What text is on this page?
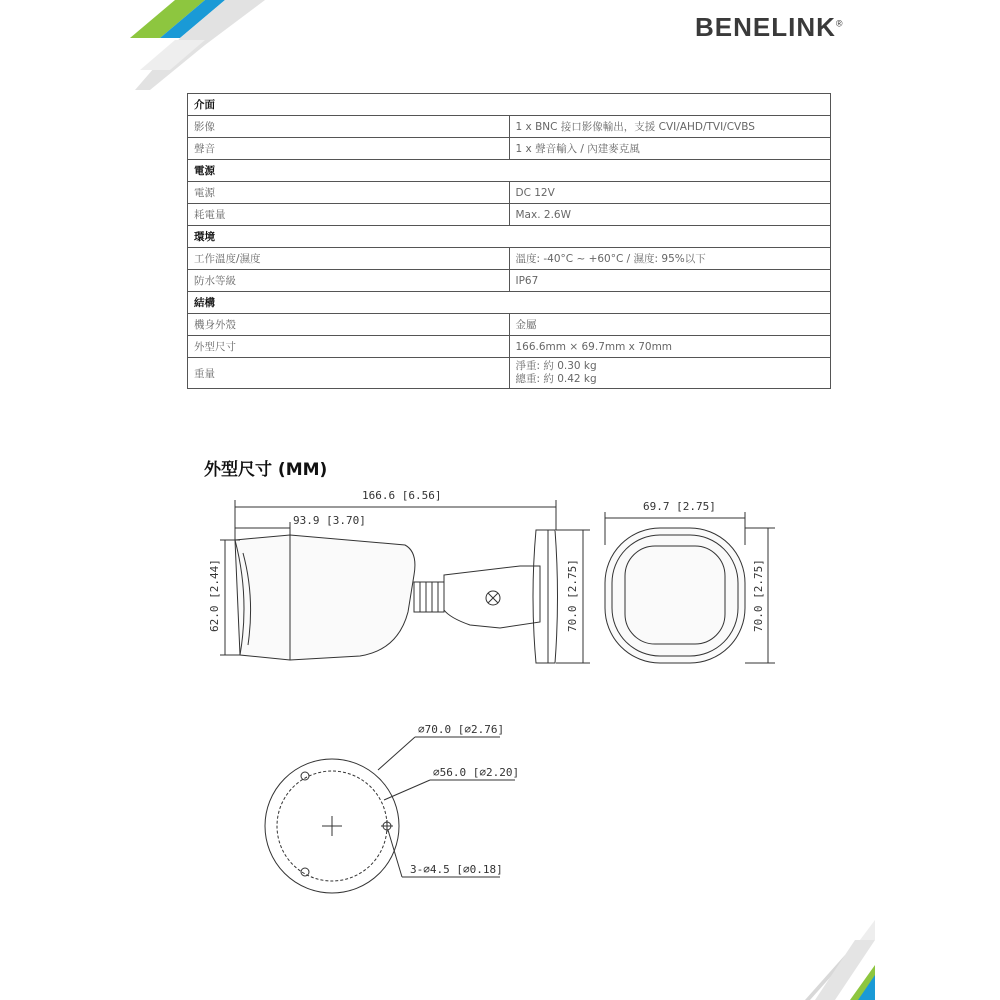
BENELINK®
介面	
影像	1 x BNC 接口影像輸出，支援 CVI/AHD/TVI/CVBS
聲音	1 x 聲音輸入 / 內建麥克風
電源	
電源	DC 12V
耗電量	Max. 2.6W
環境	
工作溫度/濕度	溫度: -40°C ~ +60°C / 濕度: 95%以下
防水等級	IP67
結構	
機身外殼	金屬
外型尺寸	166.6mm × 69.7mm x 70mm
重量	淨重: 約 0.30 kg
總重: 約 0.42 kg
外型尺寸 (MM)
166.6 [6.56]
93.9 [3.70]
62.0 [2.44]	70.0 [2.75]
69.7 [2.75]
70.0 [2.75]
⌀70.0 [⌀2.76]
⌀56.0 [⌀2.20]
3-⌀4.5 [⌀0.18]
